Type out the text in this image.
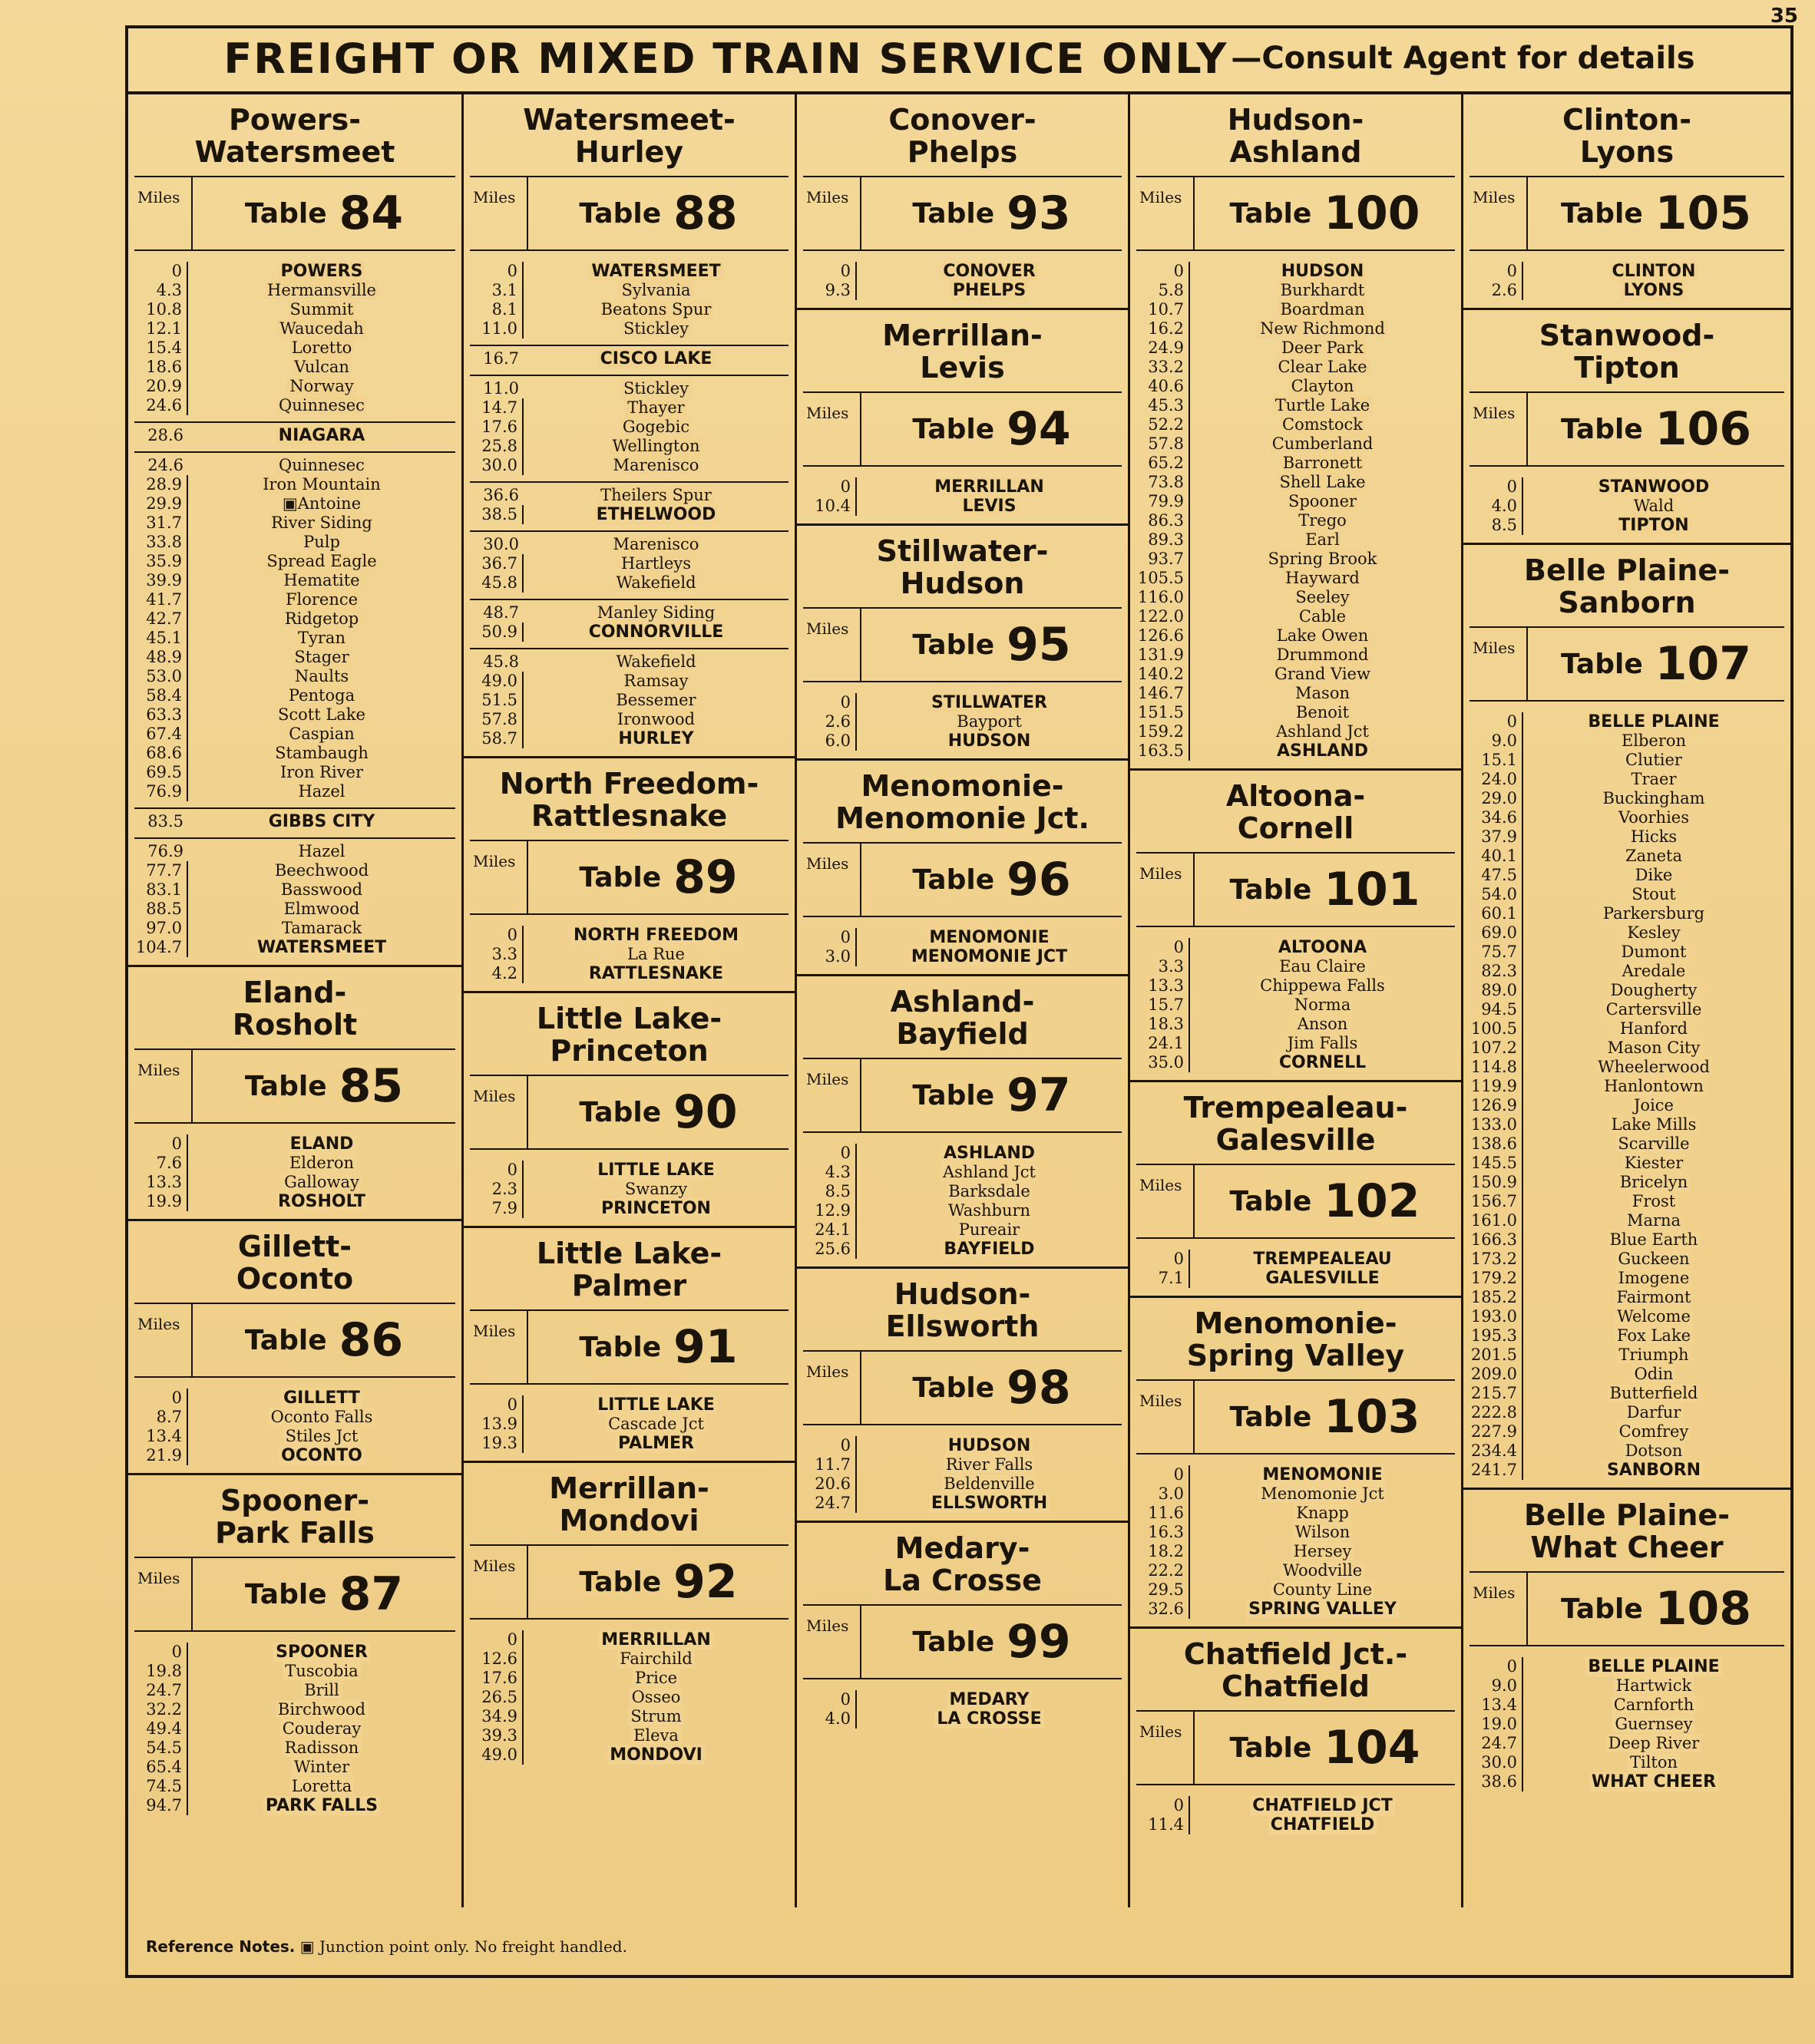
35
FREIGHT OR MIXED TRAIN SERVICE ONLY —Consult Agent for details
Powers-
Watersmeet
Miles
Table 84
0	POWERS
4.3	Hermansville
10.8	Summit
12.1	Waucedah
15.4	Loretto
18.6	Vulcan
20.9	Norway
24.6	Quinnesec
28.6	NIAGARA
24.6	Quinnesec
28.9	Iron Mountain
29.9	▣Antoine
31.7	River Siding
33.8	Pulp
35.9	Spread Eagle
39.9	Hematite
41.7	Florence
42.7	Ridgetop
45.1	Tyran
48.9	Stager
53.0	Naults
58.4	Pentoga
63.3	Scott Lake
67.4	Caspian
68.6	Stambaugh
69.5	Iron River
76.9	Hazel
83.5	GIBBS CITY
76.9	Hazel
77.7	Beechwood
83.1	Basswood
88.5	Elmwood
97.0	Tamarack
104.7	WATERSMEET
Eland-
Rosholt
Miles
Table 85
0	ELAND
7.6	Elderon
13.3	Galloway
19.9	ROSHOLT
Gillett-
Oconto
Miles
Table 86
0	GILLETT
8.7	Oconto Falls
13.4	Stiles Jct
21.9	OCONTO
Spooner-
Park Falls
Miles
Table 87
0	SPOONER
19.8	Tuscobia
24.7	Brill
32.2	Birchwood
49.4	Couderay
54.5	Radisson
65.4	Winter
74.5	Loretta
94.7	PARK FALLS
Watersmeet-
Hurley
Miles
Table 88
0	WATERSMEET
3.1	Sylvania
8.1	Beatons Spur
11.0	Stickley
16.7	CISCO LAKE
11.0	Stickley
14.7	Thayer
17.6	Gogebic
25.8	Wellington
30.0	Marenisco
36.6	Theilers Spur
38.5	ETHELWOOD
30.0	Marenisco
36.7	Hartleys
45.8	Wakefield
48.7	Manley Siding
50.9	CONNORVILLE
45.8	Wakefield
49.0	Ramsay
51.5	Bessemer
57.8	Ironwood
58.7	HURLEY
North Freedom-
Rattlesnake
Miles
Table 89
0	NORTH FREEDOM
3.3	La Rue
4.2	RATTLESNAKE
Little Lake-
Princeton
Miles
Table 90
0	LITTLE LAKE
2.3	Swanzy
7.9	PRINCETON
Little Lake-
Palmer
Miles
Table 91
0	LITTLE LAKE
13.9	Cascade Jct
19.3	PALMER
Merrillan-
Mondovi
Miles
Table 92
0	MERRILLAN
12.6	Fairchild
17.6	Price
26.5	Osseo
34.9	Strum
39.3	Eleva
49.0	MONDOVI
Conover-
Phelps
Miles
Table 93
0	CONOVER
9.3	PHELPS
Merrillan-
Levis
Miles
Table 94
0	MERRILLAN
10.4	LEVIS
Stillwater-
Hudson
Miles
Table 95
0	STILLWATER
2.6	Bayport
6.0	HUDSON
Menomonie-
Menomonie Jct.
Miles
Table 96
0	MENOMONIE
3.0	MENOMONIE JCT
Ashland-
Bayfield
Miles
Table 97
0	ASHLAND
4.3	Ashland Jct
8.5	Barksdale
12.9	Washburn
24.1	Pureair
25.6	BAYFIELD
Hudson-
Ellsworth
Miles
Table 98
0	HUDSON
11.7	River Falls
20.6	Beldenville
24.7	ELLSWORTH
Medary-
La Crosse
Miles
Table 99
0	MEDARY
4.0	LA CROSSE
Hudson-
Ashland
Miles
Table 100
0	HUDSON
5.8	Burkhardt
10.7	Boardman
16.2	New Richmond
24.9	Deer Park
33.2	Clear Lake
40.6	Clayton
45.3	Turtle Lake
52.2	Comstock
57.8	Cumberland
65.2	Barronett
73.8	Shell Lake
79.9	Spooner
86.3	Trego
89.3	Earl
93.7	Spring Brook
105.5	Hayward
116.0	Seeley
122.0	Cable
126.6	Lake Owen
131.9	Drummond
140.2	Grand View
146.7	Mason
151.5	Benoit
159.2	Ashland Jct
163.5	ASHLAND
Altoona-
Cornell
Miles
Table 101
0	ALTOONA
3.3	Eau Claire
13.3	Chippewa Falls
15.7	Norma
18.3	Anson
24.1	Jim Falls
35.0	CORNELL
Trempealeau-
Galesville
Miles
Table 102
0	TREMPEALEAU
7.1	GALESVILLE
Menomonie-
Spring Valley
Miles
Table 103
0	MENOMONIE
3.0	Menomonie Jct
11.6	Knapp
16.3	Wilson
18.2	Hersey
22.2	Woodville
29.5	County Line
32.6	SPRING VALLEY
Chatfield Jct.-
Chatfield
Miles
Table 104
0	CHATFIELD JCT
11.4	CHATFIELD
Clinton-
Lyons
Miles
Table 105
0	CLINTON
2.6	LYONS
Stanwood-
Tipton
Miles
Table 106
0	STANWOOD
4.0	Wald
8.5	TIPTON
Belle Plaine-
Sanborn
Miles
Table 107
0	BELLE PLAINE
9.0	Elberon
15.1	Clutier
24.0	Traer
29.0	Buckingham
34.6	Voorhies
37.9	Hicks
40.1	Zaneta
47.5	Dike
54.0	Stout
60.1	Parkersburg
69.0	Kesley
75.7	Dumont
82.3	Aredale
89.0	Dougherty
94.5	Cartersville
100.5	Hanford
107.2	Mason City
114.8	Wheelerwood
119.9	Hanlontown
126.9	Joice
133.0	Lake Mills
138.6	Scarville
145.5	Kiester
150.9	Bricelyn
156.7	Frost
161.0	Marna
166.3	Blue Earth
173.2	Guckeen
179.2	Imogene
185.2	Fairmont
193.0	Welcome
195.3	Fox Lake
201.5	Triumph
209.0	Odin
215.7	Butterfield
222.8	Darfur
227.9	Comfrey
234.4	Dotson
241.7	SANBORN
Belle Plaine-
What Cheer
Miles
Table 108
0	BELLE PLAINE
9.0	Hartwick
13.4	Carnforth
19.0	Guernsey
24.7	Deep River
30.0	Tilton
38.6	WHAT CHEER
Reference Notes. ▣ Junction point only. No freight handled.
